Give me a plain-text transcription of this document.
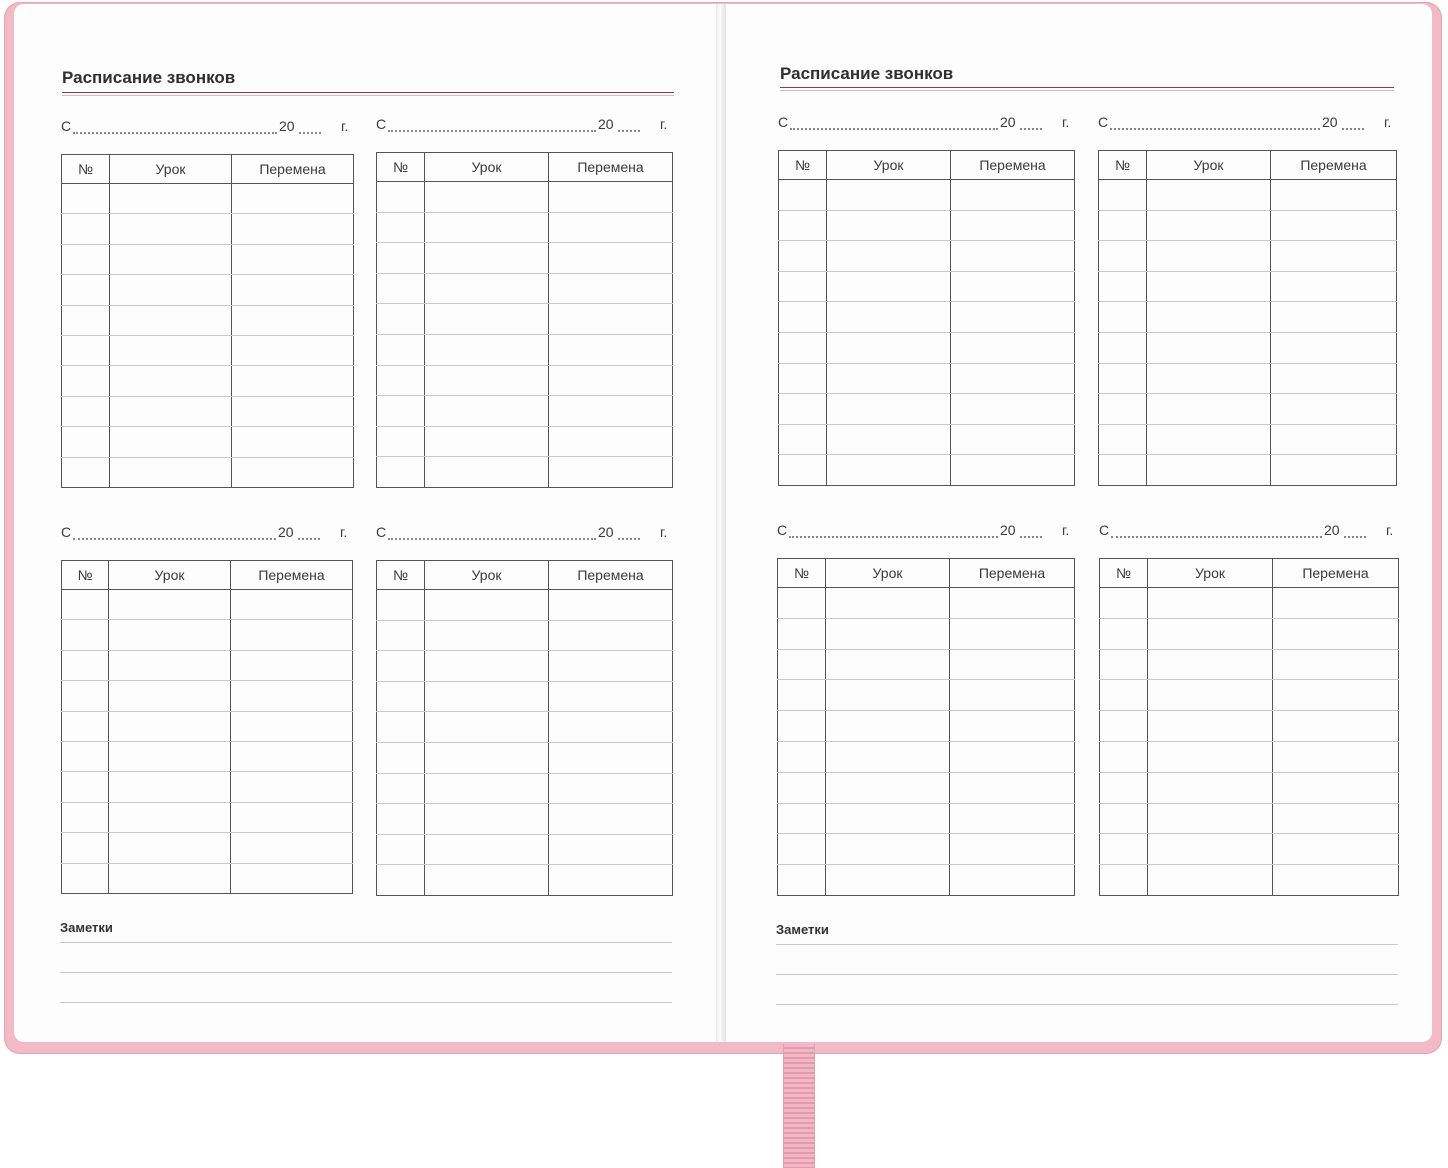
Расписание звонков	Расписание звонков
С	20	г.
№	Урок	Перемена

С	20	г.
№	Урок	Перемена

С	20	г.
№	Урок	Перемена

С	20	г.
№	Урок	Перемена

С	20	г.
№	Урок	Перемена

С	20	г.
№	Урок	Перемена

С	20	г.
№	Урок	Перемена

С	20	г.
№	Урок	Перемена

Заметки	Заметки
